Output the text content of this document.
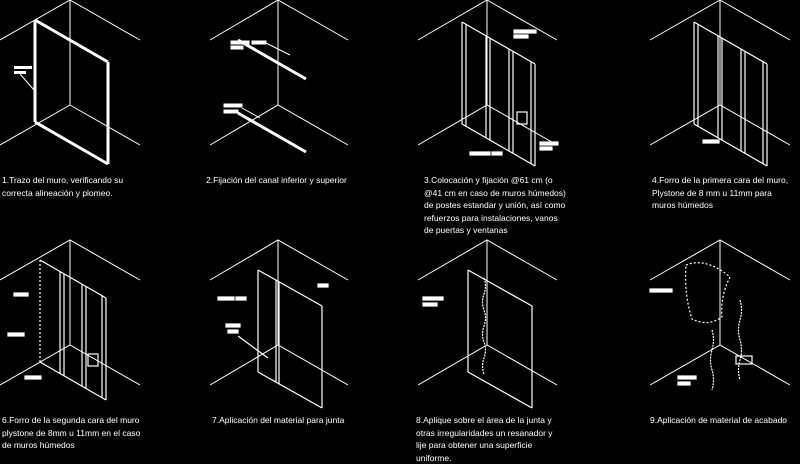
1.Trazo del muro, verificando su
correcta alineación y plomeo.
2.Fijación del canal inferior y superior	3.Colocación y fijación @61 cm (o
@41 cm en caso de muros húmedos)
de postes estandar y unión, así como
refuerzos para instalaciones, vanos
de puertas y ventanas
4.Forro de la primera cara del muro,
Plystone de 8 mm u 11mm para
muros húmedos
6.Forro de la segunda cara del muro
plystone de 8mm u 11mm en el caso
de muros húmedos
7.Aplicación del material para junta	8.Aplique sobre el área de la junta y
otras irregularidades un resanador y
lije para obtener una superficie
uniforme.
9.Aplicación de material de acabado
